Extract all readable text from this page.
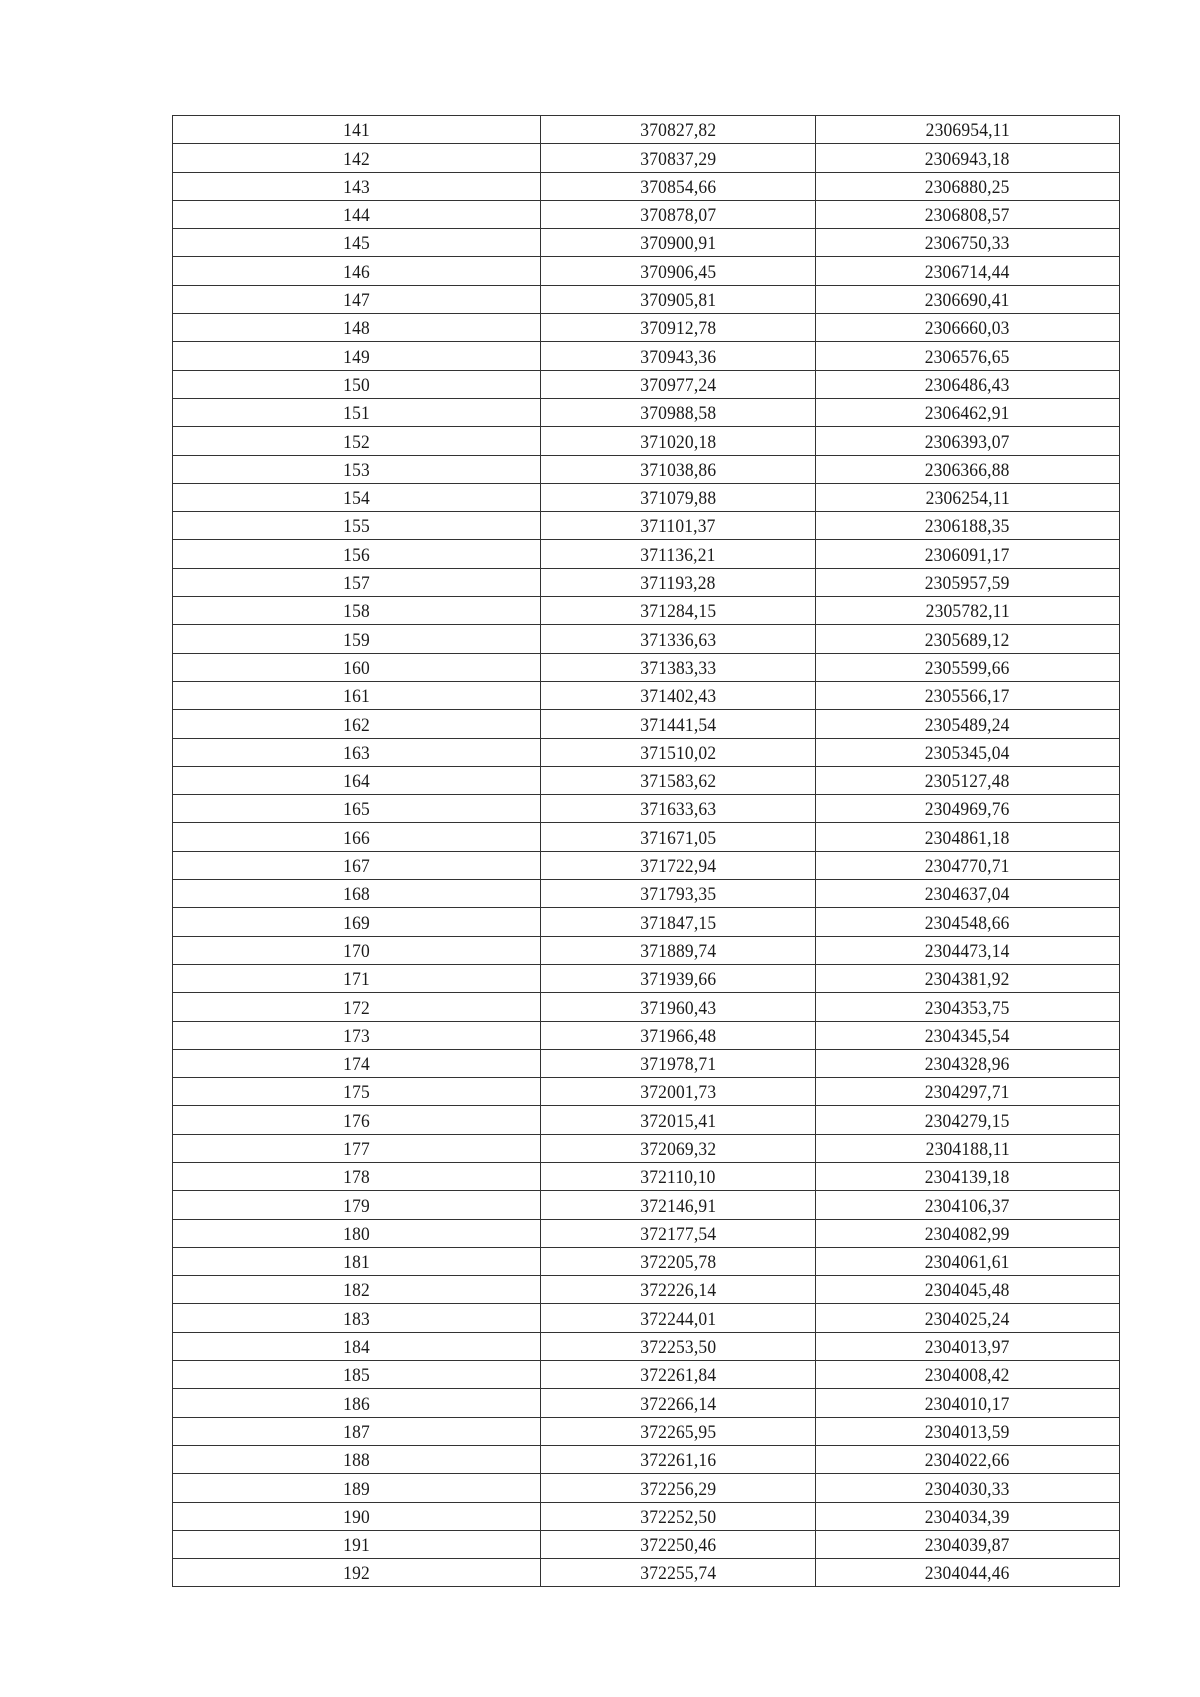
141	370827,82	2306954,11
142	370837,29	2306943,18
143	370854,66	2306880,25
144	370878,07	2306808,57
145	370900,91	2306750,33
146	370906,45	2306714,44
147	370905,81	2306690,41
148	370912,78	2306660,03
149	370943,36	2306576,65
150	370977,24	2306486,43
151	370988,58	2306462,91
152	371020,18	2306393,07
153	371038,86	2306366,88
154	371079,88	2306254,11
155	371101,37	2306188,35
156	371136,21	2306091,17
157	371193,28	2305957,59
158	371284,15	2305782,11
159	371336,63	2305689,12
160	371383,33	2305599,66
161	371402,43	2305566,17
162	371441,54	2305489,24
163	371510,02	2305345,04
164	371583,62	2305127,48
165	371633,63	2304969,76
166	371671,05	2304861,18
167	371722,94	2304770,71
168	371793,35	2304637,04
169	371847,15	2304548,66
170	371889,74	2304473,14
171	371939,66	2304381,92
172	371960,43	2304353,75
173	371966,48	2304345,54
174	371978,71	2304328,96
175	372001,73	2304297,71
176	372015,41	2304279,15
177	372069,32	2304188,11
178	372110,10	2304139,18
179	372146,91	2304106,37
180	372177,54	2304082,99
181	372205,78	2304061,61
182	372226,14	2304045,48
183	372244,01	2304025,24
184	372253,50	2304013,97
185	372261,84	2304008,42
186	372266,14	2304010,17
187	372265,95	2304013,59
188	372261,16	2304022,66
189	372256,29	2304030,33
190	372252,50	2304034,39
191	372250,46	2304039,87
192	372255,74	2304044,46
